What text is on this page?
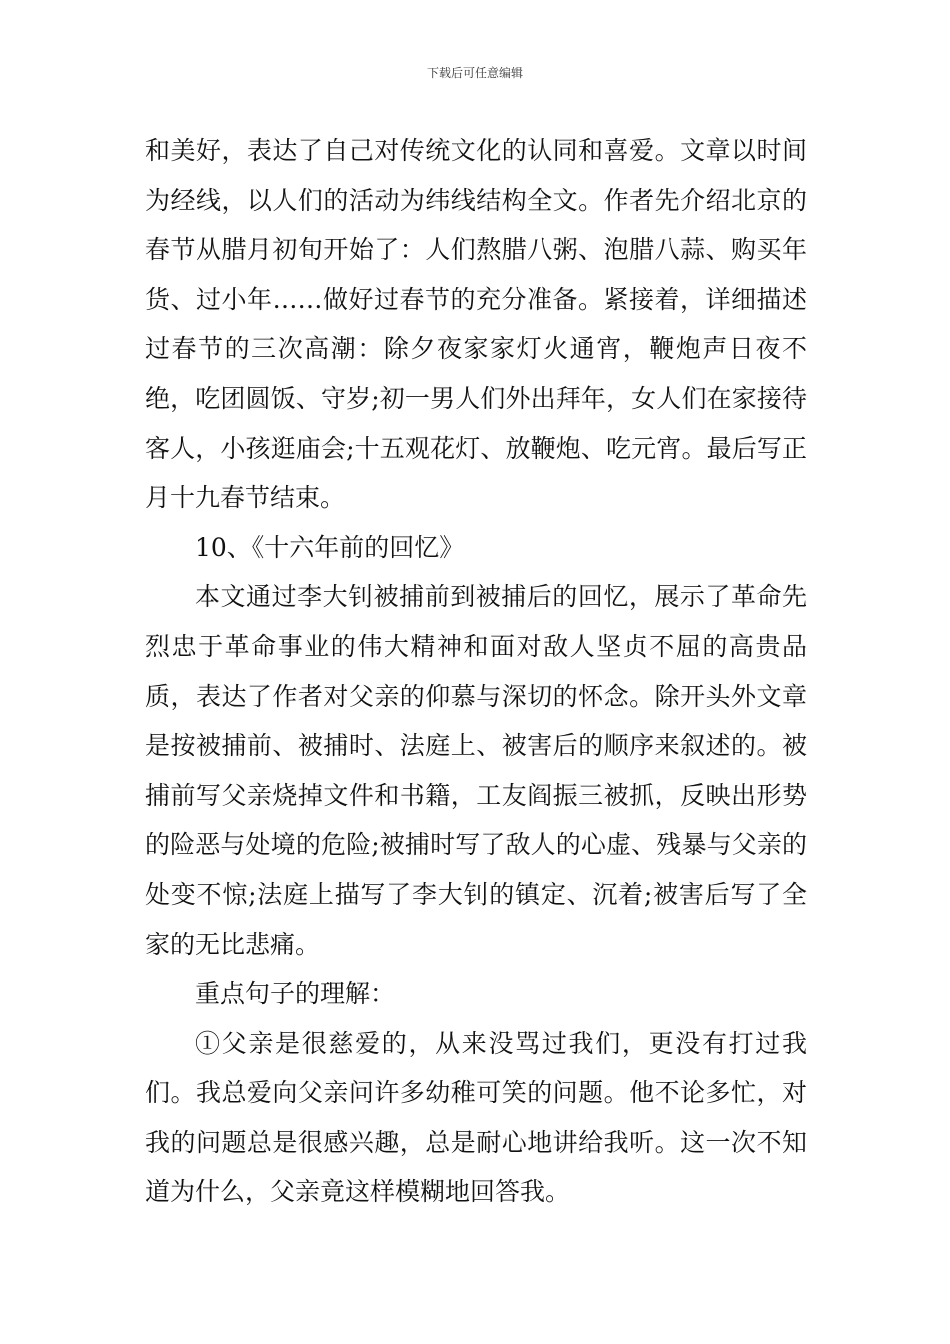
下载后可任意编辑

和美好，表达了自己对传统文化的认同和喜爱。文章以时间为经线，以人们的活动为纬线结构全文。作者先介绍北京的春节从腊月初旬开始了：人们熬腊八粥、泡腊八蒜、购买年货、过小年……做好过春节的充分准备。紧接着，详细描述过春节的三次高潮：除夕夜家家灯火通宵，鞭炮声日夜不绝，吃团圆饭、守岁;初一男人们外出拜年，女人们在家接待客人，小孩逛庙会;十五观花灯、放鞭炮、吃元宵。最后写正月十九春节结束。

10、《十六年前的回忆》

本文通过李大钊被捕前到被捕后的回忆，展示了革命先烈忠于革命事业的伟大精神和面对敌人坚贞不屈的高贵品质，表达了作者对父亲的仰慕与深切的怀念。除开头外文章是按被捕前、被捕时、法庭上、被害后的顺序来叙述的。被捕前写父亲烧掉文件和书籍，工友阎振三被抓，反映出形势的险恶与处境的危险;被捕时写了敌人的心虚、残暴与父亲的处变不惊;法庭上描写了李大钊的镇定、沉着;被害后写了全家的无比悲痛。

重点句子的理解：

①父亲是很慈爱的，从来没骂过我们，更没有打过我们。我总爱向父亲问许多幼稚可笑的问题。他不论多忙，对我的问题总是很感兴趣，总是耐心地讲给我听。这一次不知道为什么，父亲竟这样模糊地回答我。
